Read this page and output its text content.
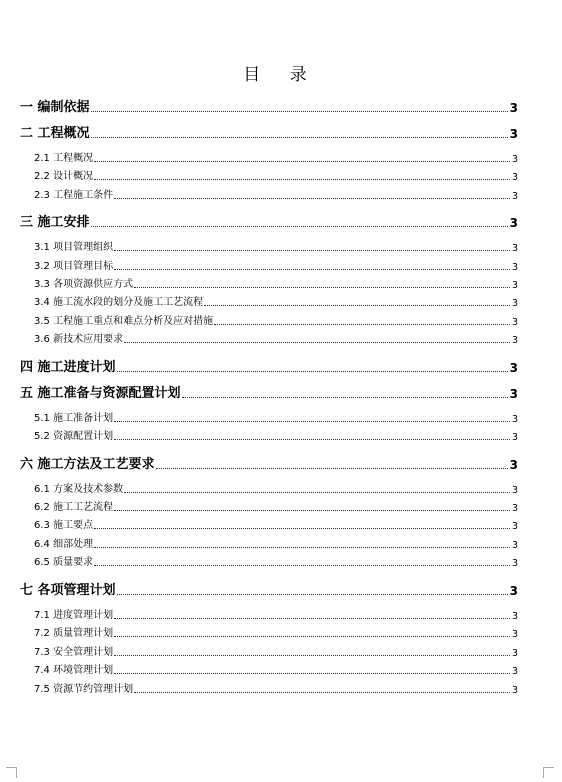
目 录
一 编制依据	3
二 工程概况	3
2.1 工程概况	3
2.2 设计概况	3
2.3 工程施工条件	3
三 施工安排	3
3.1 项目管理组织	3
3.2 项目管理目标	3
3.3 各项资源供应方式	3
3.4 施工流水段的划分及施工工艺流程	3
3.5 工程施工重点和难点分析及应对措施	3
3.6 新技术应用要求	3
四 施工进度计划	3
五 施工准备与资源配置计划	3
5.1 施工准备计划	3
5.2 资源配置计划	3
六 施工方法及工艺要求	3
6.1 方案及技术参数	3
6.2 施工工艺流程	3
6.3 施工要点	3
6.4 细部处理	3
6.5 质量要求	3
七 各项管理计划	3
7.1 进度管理计划	3
7.2 质量管理计划	3
7.3 安全管理计划	3
7.4 环境管理计划	3
7.5 资源节约管理计划	3
